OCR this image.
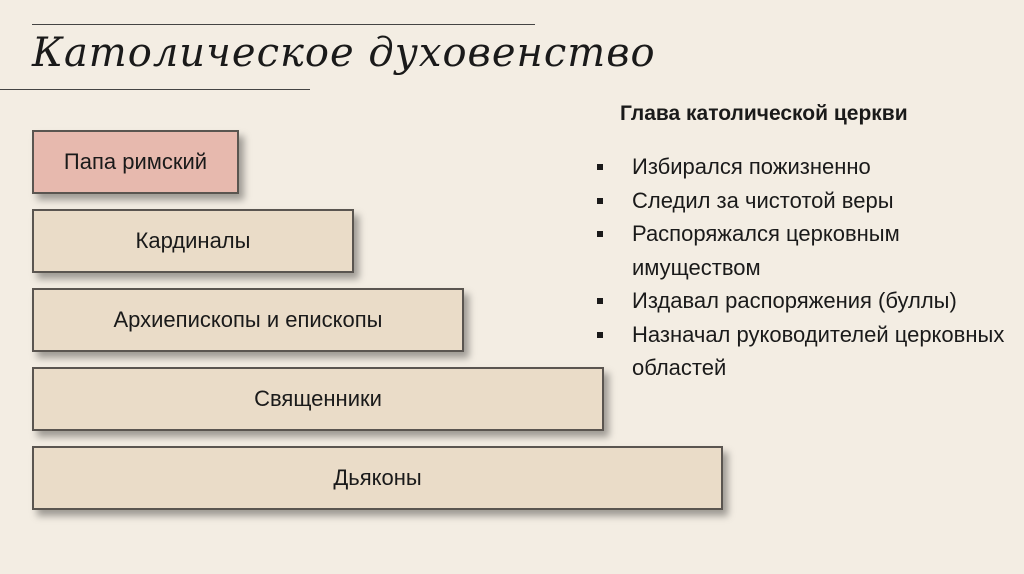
Католическое духовенство
Папа римский
Кардиналы
Архиепископы и епископы
Священники
Дьяконы
Глава католической церкви
Избирался пожизненно
Следил за чистотой веры
Распоряжался церковным имуществом
Издавал распоряжения (буллы)
Назначал руководителей церковных областей
